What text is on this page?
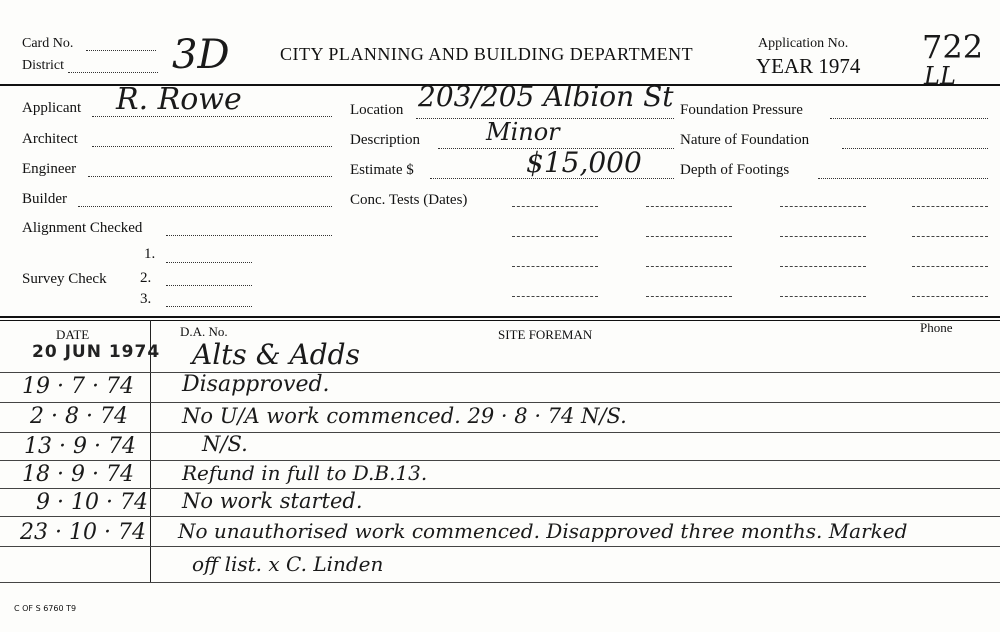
Card No.
District	3D	CITY PLANNING AND BUILDING DEPARTMENT
Application No.
YEAR 1974 722
LL
Applicant R. Rowe
Architect
Engineer
Builder
Alignment Checked
Survey Check
1.
2.
3.
Location 203/205 Albion St
Description	Minor
Estimate $	$15,000
Conc. Tests (Dates)
Foundation Pressure
Nature of Foundation
Depth of Footings
DATE	D.A. No.	SITE FOREMAN	Phone
20 JUN 1974 Alts & Adds
19 · 7 · 74 Disapproved.
2 · 8 · 74	No U/A work commenced. 29 · 8 · 74 N/S.
13 · 9 · 74	N/S.
18 · 9 · 74 Refund in full to D.B.13.
9 · 10 · 74 No work started.
23 · 10 · 74 No unauthorised work commenced. Disapproved three months. Marked
off list. x C. Linden
C OF S 6760 T9
